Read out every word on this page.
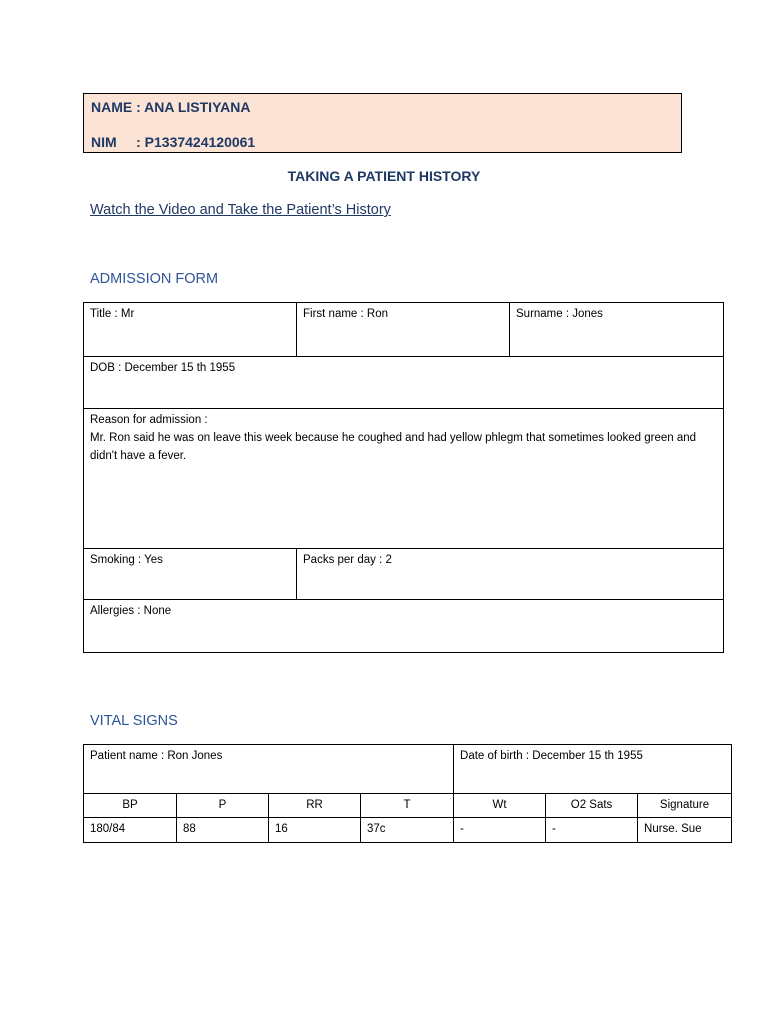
NAME : ANA LISTIYANA
NIM     : P1337424120061
TAKING A PATIENT HISTORY
Watch the Video and Take the Patient’s History
ADMISSION FORM
Title : Mr	First name : Ron	Surname : Jones
DOB : December 15 th 1955		

Reason for admission :
Mr. Ron said he was on leave this week because he coughed and had yellow phlegm that sometimes looked green and didn't have a fever.		

Smoking : Yes	Packs per day : 2	
Allergies : None		
VITAL SIGNS
Patient name : Ron Jones				Date of birth : December 15 th 1955		
BP	P	RR	T	Wt	O2 Sats	Signature
180/84	88	16	37c	-	-	Nurse. Sue
